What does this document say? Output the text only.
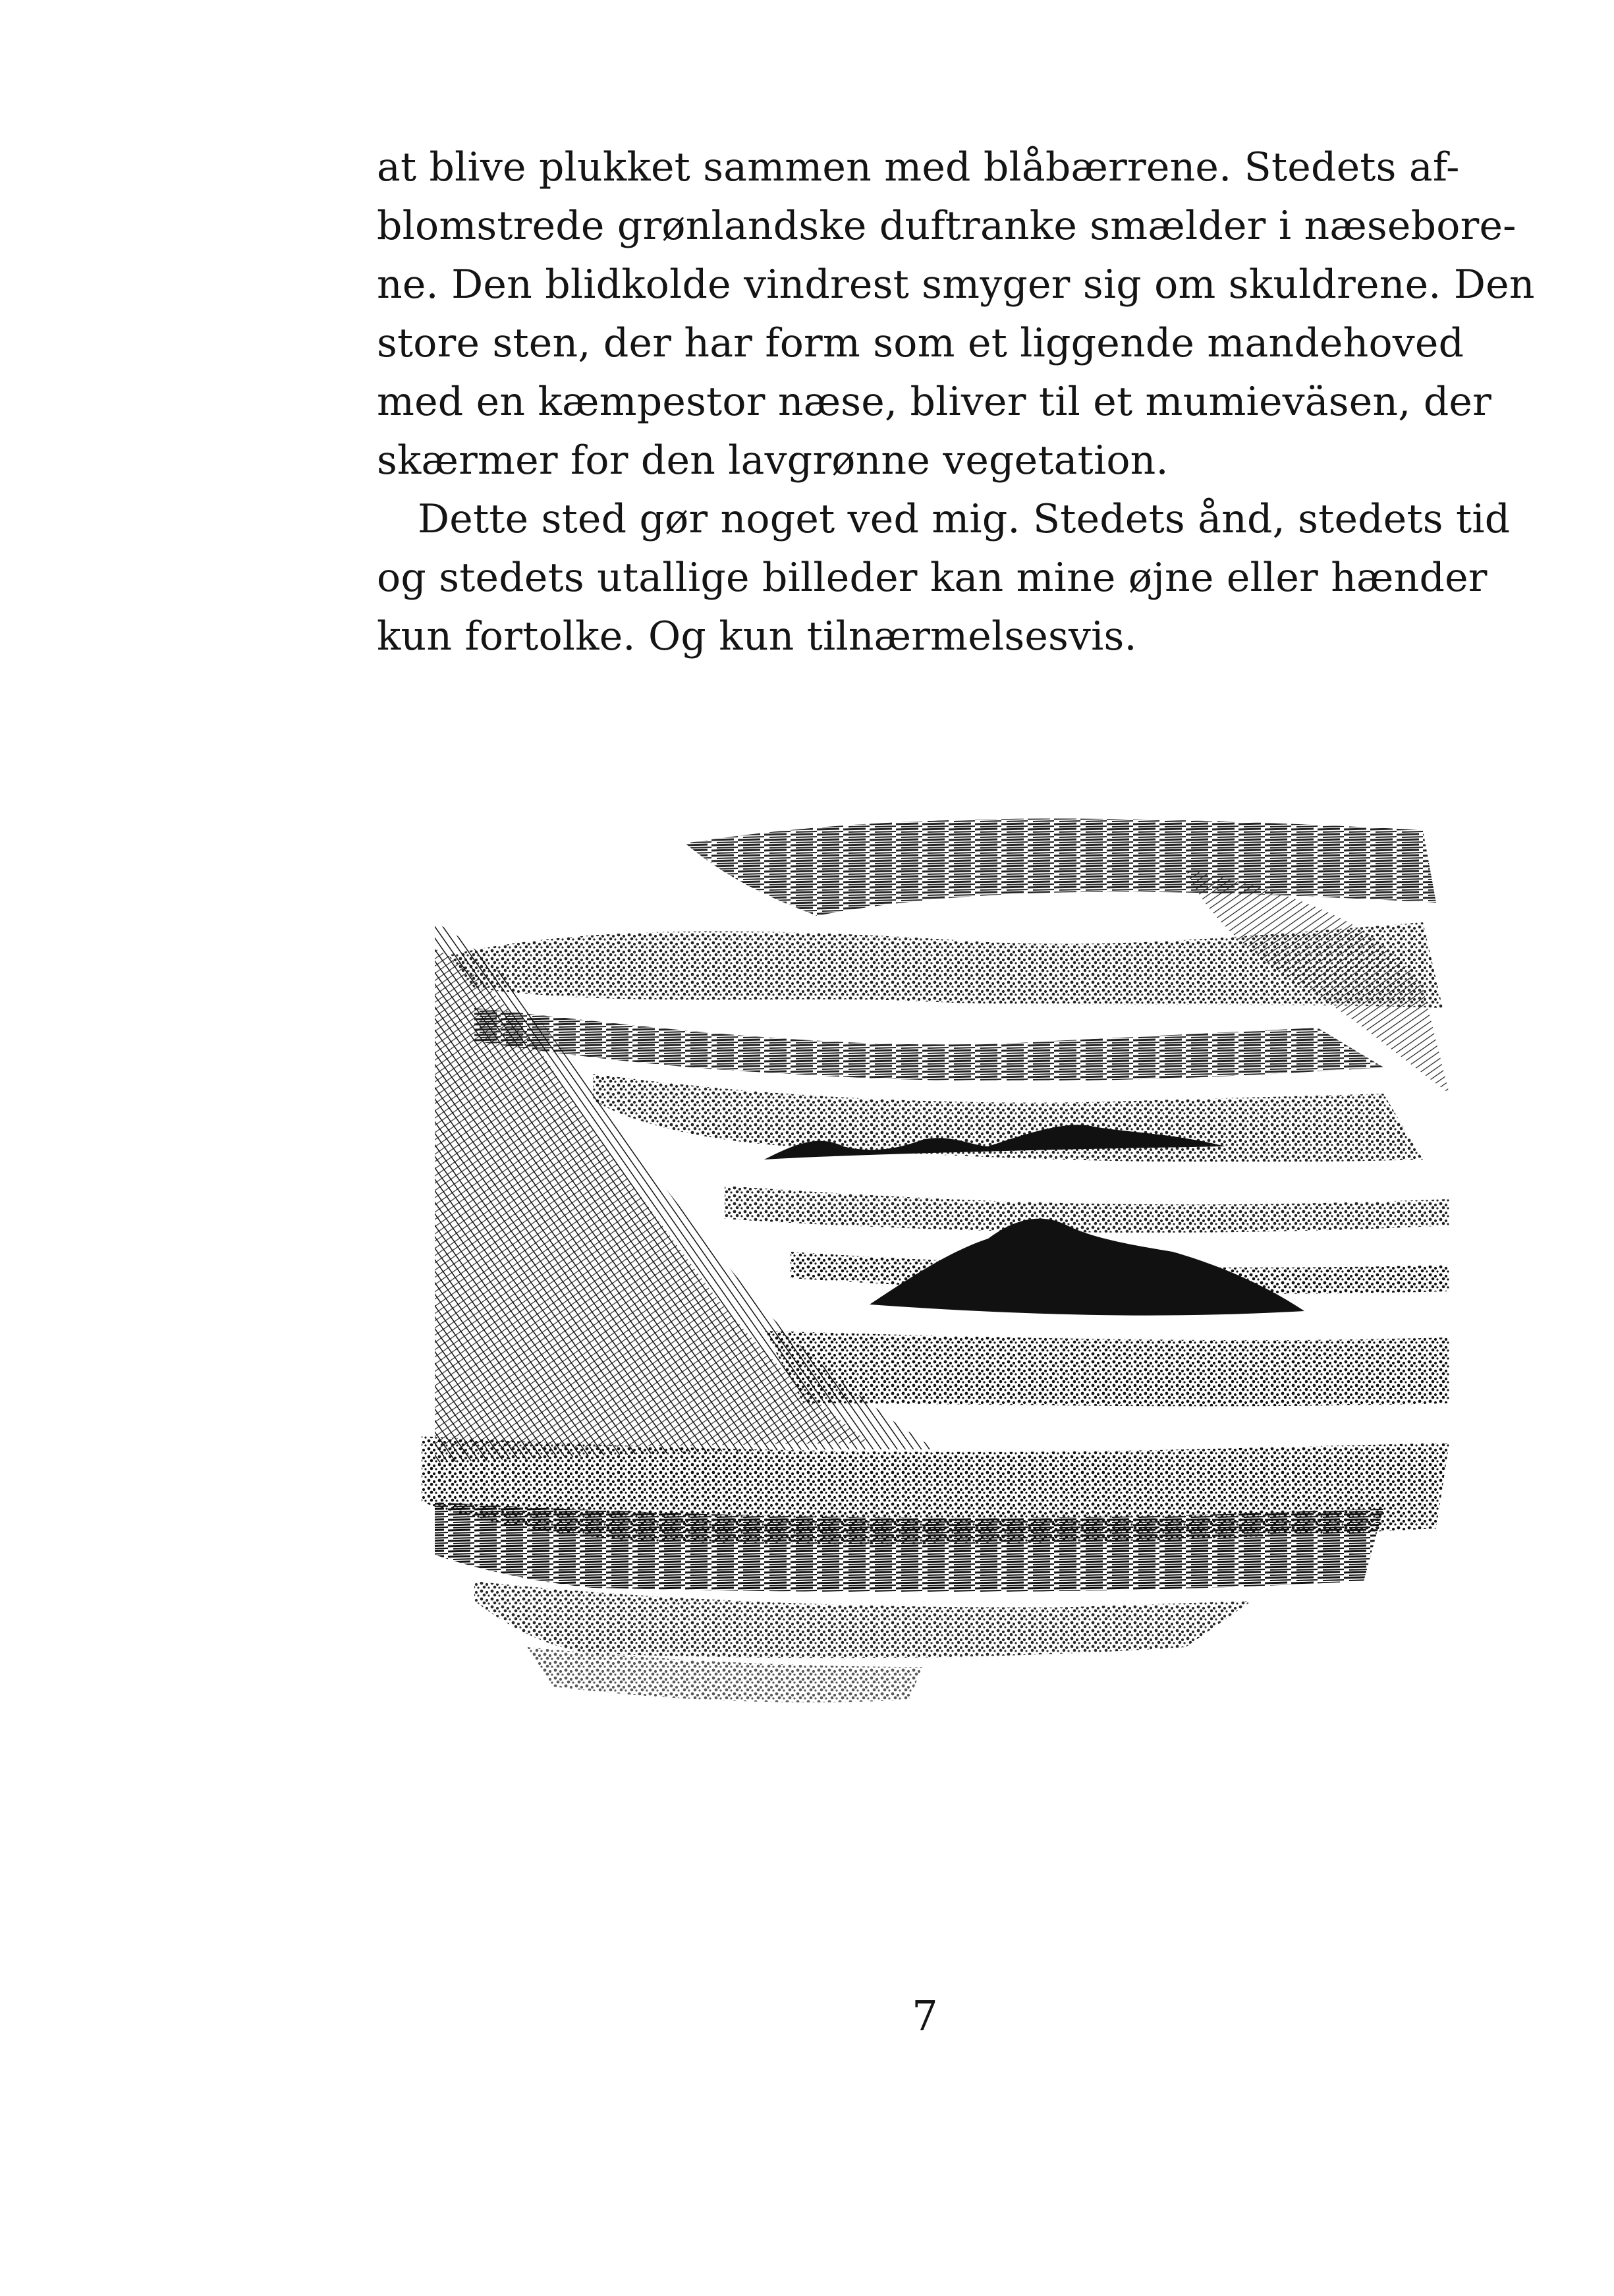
at blive plukket sammen med blåbærrene. Stedets af-
blomstrede grønlandske duftranke smælder i næsebore-
ne. Den blidkolde vindrest smyger sig om skuldrene. Den
store sten, der har form som et liggende mandehoved
med en kæmpestor næse, bliver til et mumieväsen, der
skærmer for den lavgrønne vegetation.
Dette sted gør noget ved mig. Stedets ånd, stedets tid
og stedets utallige billeder kan mine øjne eller hænder
kun fortolke. Og kun tilnærmelsesvis.
7
